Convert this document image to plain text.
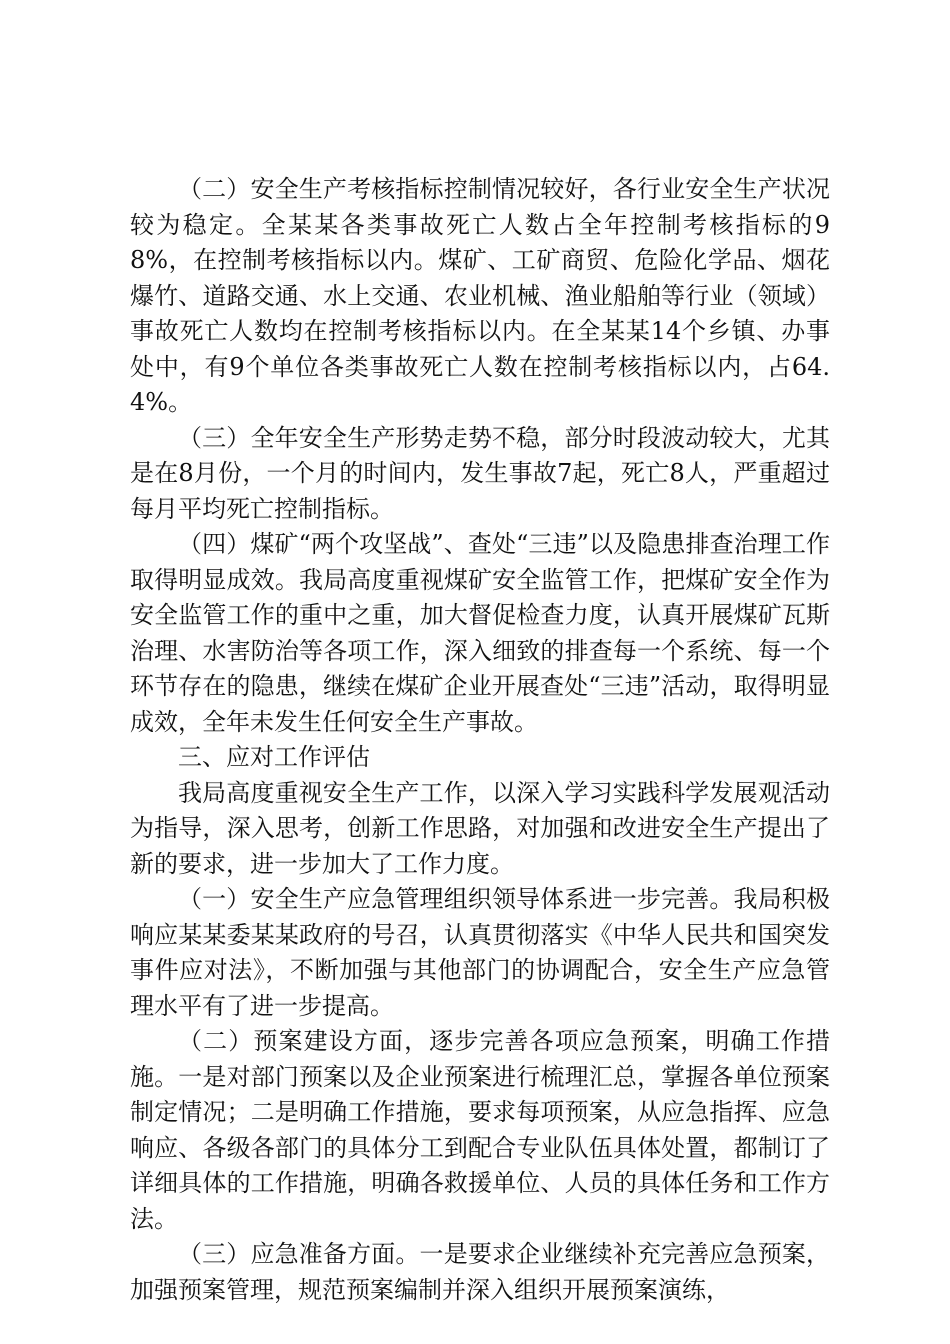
（二）安全生产考核指标控制情况较好，各行业安全生产状况较为稳定。全某某各类事故死亡人数占全年控制考核指标的98%，在控制考核指标以内。煤矿、工矿商贸、危险化学品、烟花爆竹、道路交通、水上交通、农业机械、渔业船舶等行业（领域）事故死亡人数均在控制考核指标以内。在全某某14个乡镇、办事处中，有9个单位各类事故死亡人数在控制考核指标以内，占64.4%。

（三）全年安全生产形势走势不稳，部分时段波动较大，尤其是在8月份，一个月的时间内，发生事故7起，死亡8人，严重超过每月平均死亡控制指标。

（四）煤矿“两个攻坚战”、查处“三违”以及隐患排查治理工作取得明显成效。我局高度重视煤矿安全监管工作，把煤矿安全作为安全监管工作的重中之重，加大督促检查力度，认真开展煤矿瓦斯治理、水害防治等各项工作，深入细致的排查每一个系统、每一个环节存在的隐患，继续在煤矿企业开展查处“三违”活动，取得明显成效，全年未发生任何安全生产事故。

三、应对工作评估

我局高度重视安全生产工作，以深入学习实践科学发展观活动为指导，深入思考，创新工作思路，对加强和改进安全生产提出了新的要求，进一步加大了工作力度。

（一）安全生产应急管理组织领导体系进一步完善。我局积极响应某某委某某政府的号召，认真贯彻落实《中华人民共和国突发事件应对法》，不断加强与其他部门的协调配合，安全生产应急管理水平有了进一步提高。

（二）预案建设方面，逐步完善各项应急预案，明确工作措施。一是对部门预案以及企业预案进行梳理汇总，掌握各单位预案制定情况；二是明确工作措施，要求每项预案，从应急指挥、应急响应、各级各部门的具体分工到配合专业队伍具体处置，都制订了详细具体的工作措施，明确各救援单位、人员的具体任务和工作方法。

（三）应急准备方面。一是要求企业继续补充完善应急预案，加强预案管理，规范预案编制并深入组织开展预案演练，
